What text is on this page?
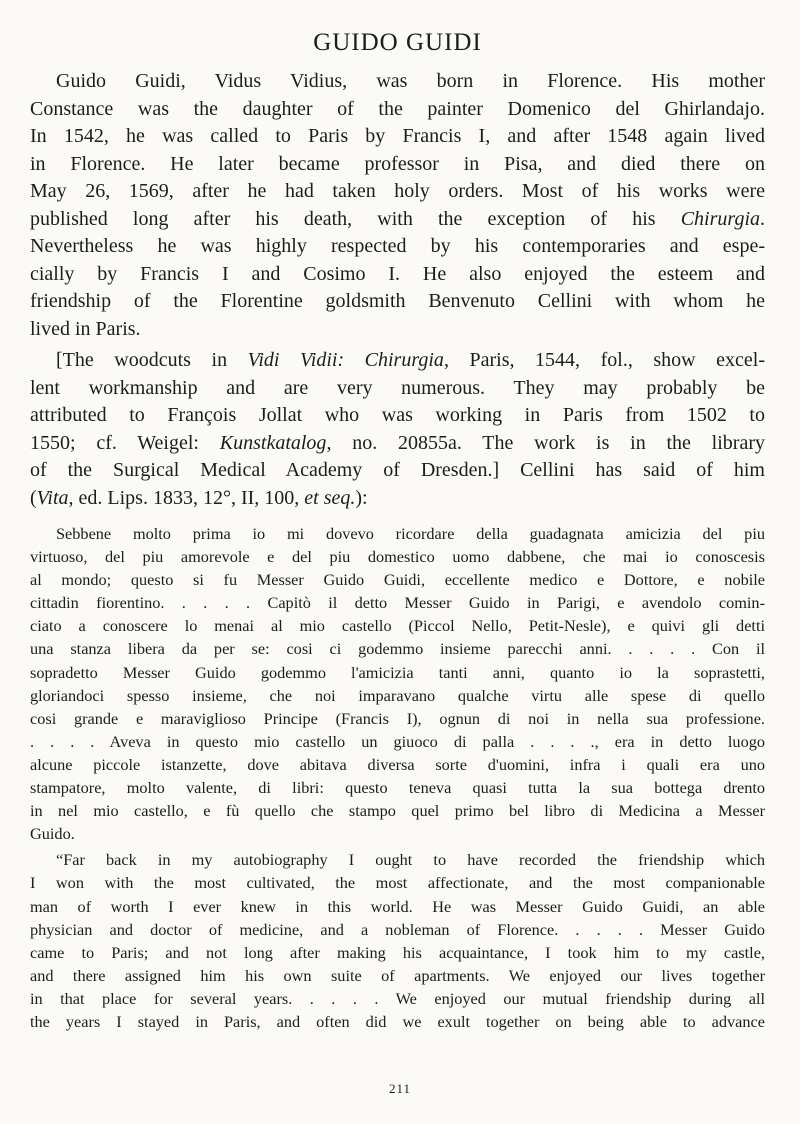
GUIDO GUIDI
Guido Guidi, Vidus Vidius, was born in Florence. His mother
Constance was the daughter of the painter Domenico del Ghirlandajo.
In 1542, he was called to Paris by Francis I, and after 1548 again lived
in Florence. He later became professor in Pisa, and died there on
May 26, 1569, after he had taken holy orders. Most of his works were
published long after his death, with the exception of his Chirurgia.
Nevertheless he was highly respected by his contemporaries and espe-
cially by Francis I and Cosimo I. He also enjoyed the esteem and
friendship of the Florentine goldsmith Benvenuto Cellini with whom he
lived in Paris.
[The woodcuts in Vidi Vidii: Chirurgia, Paris, 1544, fol., show excel-
lent workmanship and are very numerous. They may probably be
attributed to François Jollat who was working in Paris from 1502 to
1550; cf. Weigel: Kunstkatalog, no. 20855a. The work is in the library
of the Surgical Medical Academy of Dresden.] Cellini has said of him
(Vita, ed. Lips. 1833, 12°, II, 100, et seq.):
Sebbene molto prima io mi dovevo ricordare della guadagnata amicizia del piu
virtuoso, del piu amorevole e del piu domestico uomo dabbene, che mai io conoscesis
al mondo; questo si fu Messer Guido Guidi, eccellente medico e Dottore, e nobile
cittadin fiorentino. . . . . Capitò il detto Messer Guido in Parigi, e avendolo comin-
ciato a conoscere lo menai al mio castello (Piccol Nello, Petit-Nesle), e quivi gli detti
una stanza libera da per se: cosi ci godemmo insieme parecchi anni. . . . . Con il
sopradetto Messer Guido godemmo l'amicizia tanti anni, quanto io la soprastetti,
gloriandoci spesso insieme, che noi imparavano qualche virtu alle spese di quello
cosi grande e maraviglioso Principe (Francis I), ognun di noi in nella sua professione.
. . . . Aveva in questo mio castello un giuoco di palla . . . ., era in detto luogo
alcune piccole istanzette, dove abitava diversa sorte d'uomini, infra i quali era uno
stampatore, molto valente, di libri: questo teneva quasi tutta la sua bottega drento
in nel mio castello, e fù quello che stampo quel primo bel libro di Medicina a Messer
Guido.
“Far back in my autobiography I ought to have recorded the friendship which
I won with the most cultivated, the most affectionate, and the most companionable
man of worth I ever knew in this world. He was Messer Guido Guidi, an able
physician and doctor of medicine, and a nobleman of Florence. . . . . Messer Guido
came to Paris; and not long after making his acquaintance, I took him to my castle,
and there assigned him his own suite of apartments. We enjoyed our lives together
in that place for several years. . . . . We enjoyed our mutual friendship during all
the years I stayed in Paris, and often did we exult together on being able to advance
211
